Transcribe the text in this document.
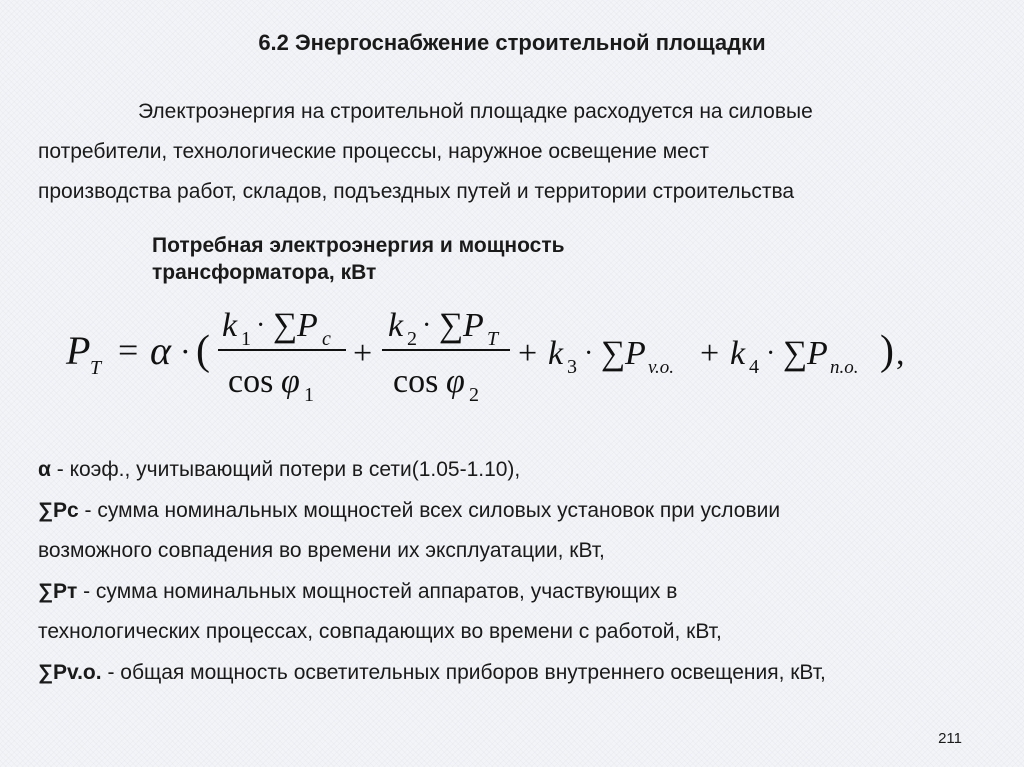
6.2 Энергоснабжение строительной площадки
Электроэнергия на строительной площадке расходуется на силовые
потребители, технологические процессы, наружное освещение мест
производства работ, складов, подъездных путей и территории строительства
Потребная электроэнергия и мощность
трансформатора, кВт
P T = α · (
k 1 · ∑ P c
cos φ 1
+
k 2 · ∑ P T
cos φ 2
+ k 3 · ∑ P v.o. + k 4 · ∑ P n.o. ) ,
α - коэф., учитывающий потери в сети(1.05-1.10),
∑Pc - сумма номинальных мощностей всех силовых установок при условии
возможного совпадения во времени их эксплуатации, кВт,
∑Pт - сумма номинальных мощностей аппаратов, участвующих в
технологических процессах, совпадающих во времени с работой, кВт,
∑Pv.o. - общая мощность осветительных приборов внутреннего освещения, кВт,
211
